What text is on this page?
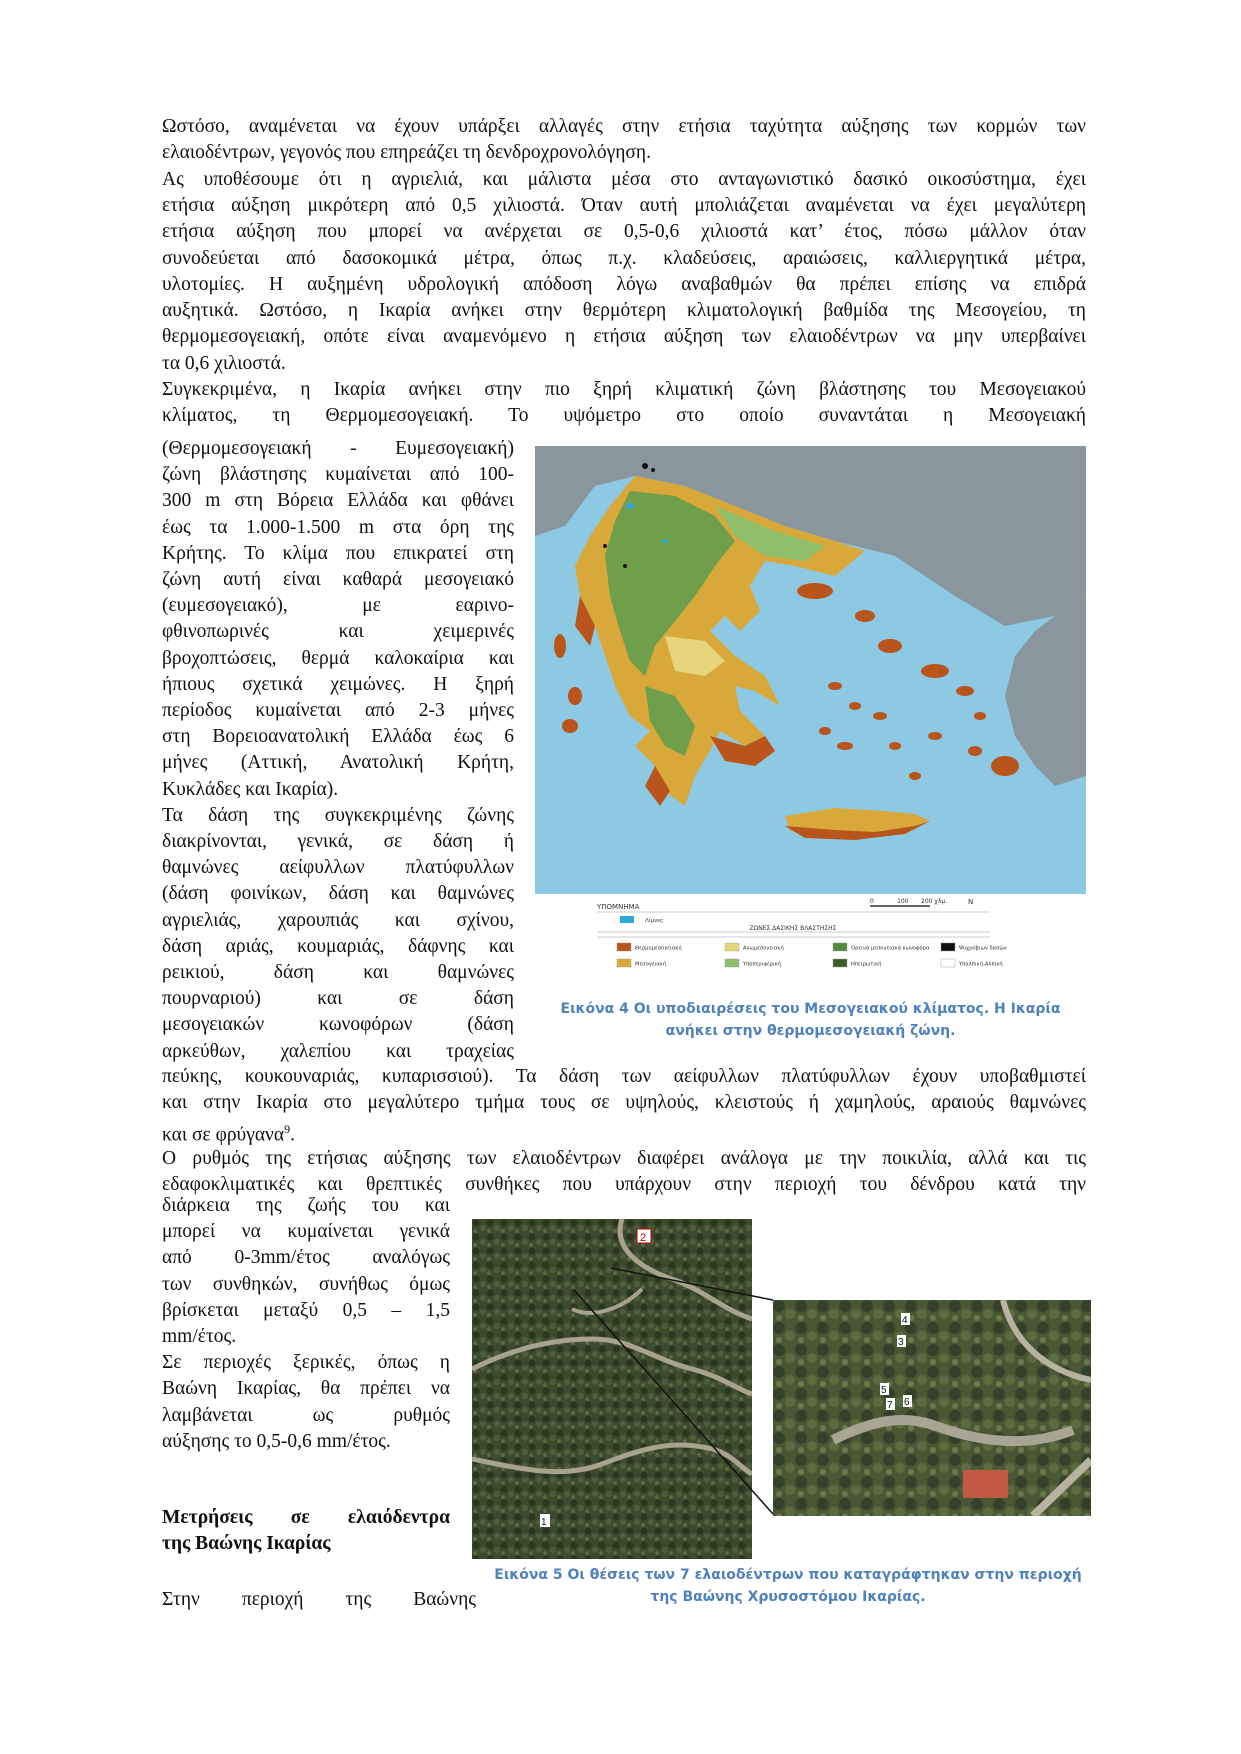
Ωστόσο, αναμένεται να έχουν υπάρξει αλλαγές στην ετήσια ταχύτητα αύξησης των κορμών των
ελαιοδέντρων, γεγονός που επηρεάζει τη δενδροχρονολόγηση.
Ας υποθέσουμε ότι η αγριελιά, και μάλιστα μέσα στο ανταγωνιστικό δασικό οικοσύστημα, έχει
ετήσια αύξηση μικρότερη από 0,5 χιλιοστά. Όταν αυτή μπολιάζεται αναμένεται να έχει μεγαλύτερη
ετήσια αύξηση που μπορεί να ανέρχεται σε 0,5-0,6 χιλιοστά κατ’ έτος, πόσω μάλλον όταν
συνοδεύεται από δασοκομικά μέτρα, όπως π.χ. κλαδεύσεις, αραιώσεις, καλλιεργητικά μέτρα,
υλοτομίες. Η αυξημένη υδρολογική απόδοση λόγω αναβαθμών θα πρέπει επίσης να επιδρά
αυξητικά. Ωστόσο, η Ικαρία ανήκει στην θερμότερη κλιματολογική βαθμίδα της Μεσογείου, τη
θερμομεσογειακή, οπότε είναι αναμενόμενο η ετήσια αύξηση των ελαιοδέντρων να μην υπερβαίνει
τα 0,6 χιλιοστά.
Συγκεκριμένα, η Ικαρία ανήκει στην πιο ξηρή κλιματική ζώνη βλάστησης του Μεσογειακού
κλίματος, τη Θερμομεσογειακή. Το υψόμετρο στο οποίο συναντάται η Μεσογειακή

(Θερμομεσογειακή - Ευμεσογειακή)

ζώνη βλάστησης κυμαίνεται από 100-

300 m στη Βόρεια Ελλάδα και φθάνει

έως τα 1.000-1.500 m στα όρη της

Κρήτης. Το κλίμα που επικρατεί στη

ζώνη αυτή είναι καθαρά μεσογειακό

(ευμεσογειακό), με εαρινο-

φθινοπωρινές και χειμερινές

βροχοπτώσεις, θερμά καλοκαίρια και

ήπιους σχετικά χειμώνες. Η ξηρή

περίοδος κυμαίνεται από 2-3 μήνες

στη Βορειοανατολική Ελλάδα έως 6

μήνες (Αττική, Ανατολική Κρήτη,

Κυκλάδες και Ικαρία).

Τα δάση της συγκεκριμένης ζώνης

διακρίνονται, γενικά, σε δάση ή

θαμνώνες αείφυλλων πλατύφυλλων

(δάση φοινίκων, δάση και θαμνώνες

αγριελιάς, χαρουπιάς και σχίνου,

δάση αριάς, κουμαριάς, δάφνης και

ρεικιού, δάση και θαμνώνες

πουρναριού) και σε δάση

μεσογειακών κωνοφόρων (δάση

αρκεύθων, χαλεπίου και τραχείας

πεύκης, κουκουναριάς, κυπαρισσιού). Τα δάση των αείφυλλων πλατύφυλλων έχουν υποβαθμιστεί
και στην Ικαρία στο μεγαλύτερο τμήμα τους σε υψηλούς, κλειστούς ή χαμηλούς, αραιούς θαμνώνες
και σε φρύγανα$^9$.
Ο ρυθμός της ετήσιας αύξησης των ελαιοδέντρων διαφέρει ανάλογα με την ποικιλία, αλλά και τις
εδαφοκλιματικές και θρεπτικές συνθήκες που υπάρχουν στην περιοχή του δένδρου κατά την

διάρκεια της ζωής του και

μπορεί να κυμαίνεται γενικά

από 0-3mm/έτος αναλόγως

των συνθηκών, συνήθως όμως

βρίσκεται μεταξύ 0,5 – 1,5

mm/έτος.

Σε περιοχές ξερικές, όπως η

Βαώνη Ικαρίας, θα πρέπει να

λαμβάνεται ως ρυθμός

αύξησης το 0,5-0,6 mm/έτος.

Μετρήσεις σε ελαιόδεντρα

της Βαώνης Ικαρίας

Στην περιοχή της Βαώνης

ΥΠΟΜΝΗΜΑ
0	100 200 χλμ.	N
Λίμνες
ΖΩΝΕΣ ΔΑΣΙΚΗΣ ΒΛΑΣΤΗΣΗΣ
Θερμομεσογειακή	Ανωμεσογειακή	Ορεινά μεσογειακά κωνοφόρα	Ψυχρόβιων δασών
Μεσογειακή	Υποπεριφερική	Ηπειρωτική	Υπαλπική-Αλπική
Εικόνα 4 Οι υποδιαιρέσεις του Μεσογειακού κλίματος. Η Ικαρία
ανήκει στην θερμομεσογειακή ζώνη.
2
1
4
3
5
7 6
Εικόνα 5 Οι θέσεις των 7 ελαιοδέντρων που καταγράφτηκαν στην περιοχή
της Βαώνης Χρυσοστόμου Ικαρίας.
